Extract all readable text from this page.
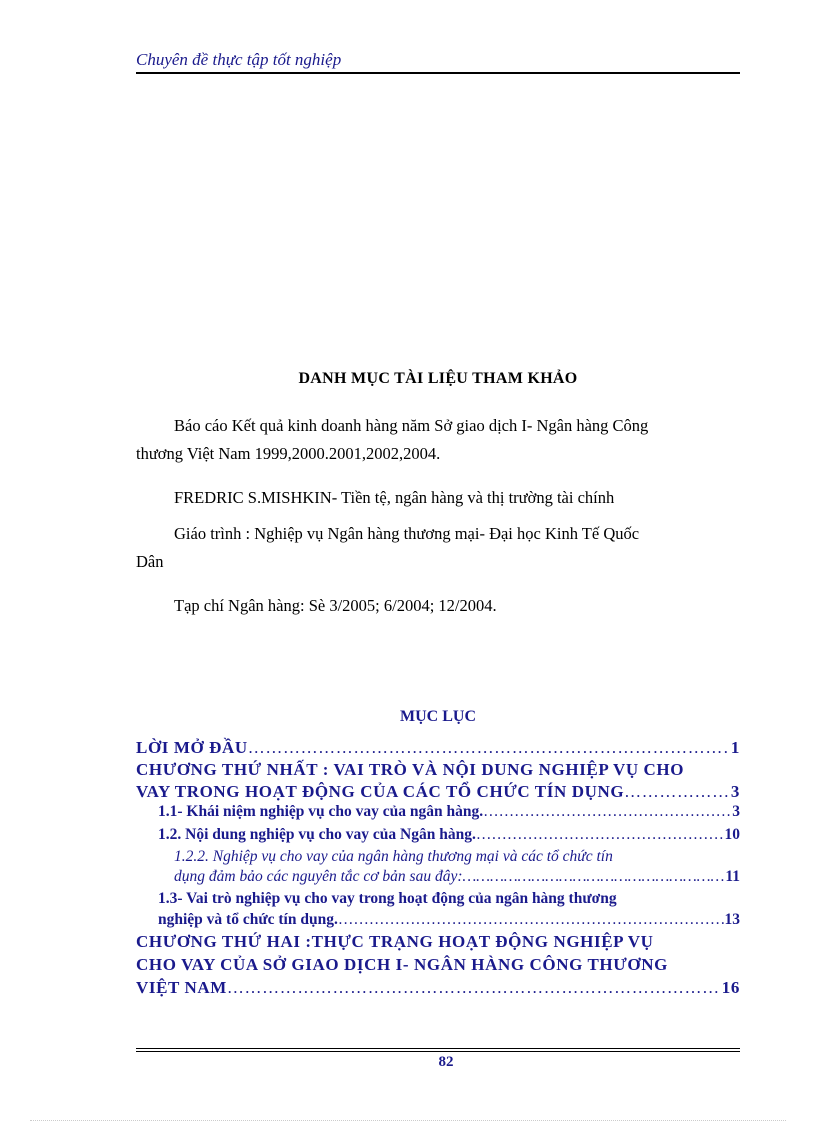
Chuyên đề thực tập tốt nghiệp
DANH MỤC TÀI LIỆU THAM KHẢO
Báo cáo Kết quả kinh doanh hàng năm Sở giao dịch I- Ngân hàng Công
thương Việt Nam 1999,2000.2001,2002,2004.
FREDRIC S.MISHKIN- Tiền tệ, ngân hàng và thị trường tài chính
Giáo trình : Nghiệp vụ Ngân hàng thương mại- Đại học Kinh Tế Quốc
Dân
Tạp chí Ngân hàng: Sè 3/2005; 6/2004; 12/2004.
MỤC LỤC
LỜI MỞ ĐẦU ……………………………………………………………………………………………………………………	1
CHƯƠNG THỨ NHẤT : VAI TRÒ VÀ NỘI DUNG NGHIỆP VỤ CHO
VAY TRONG HOẠT ĐỘNG CỦA CÁC TỔ CHỨC TÍN DỤNG ……………………………………………………………………………………………………………………	3
1.1- Khái niệm nghiệp vụ cho vay của ngân hàng. ……………………………………………………………………………………………………………………	3
1.2. Nội dung nghiệp vụ cho vay của Ngân hàng. ……………………………………………………………………………………………………………………	10
1.2.2. Nghiệp vụ cho vay của ngân hàng thương mại và các tổ chức tín
dụng đảm bảo các nguyên tắc cơ bản sau đây: ……………………………………………………………………………………………………………………	11
1.3- Vai trò nghiệp vụ cho vay trong hoạt động của ngân hàng thương
nghiệp và tổ chức tín dụng. ……………………………………………………………………………………………………………………	13
CHƯƠNG THỨ HAI :THỰC TRẠNG HOẠT ĐỘNG NGHIỆP VỤ
CHO VAY CỦA SỞ GIAO DỊCH I- NGÂN HÀNG CÔNG THƯƠNG
VIỆT NAM ……………………………………………………………………………………………………………………	16
82
